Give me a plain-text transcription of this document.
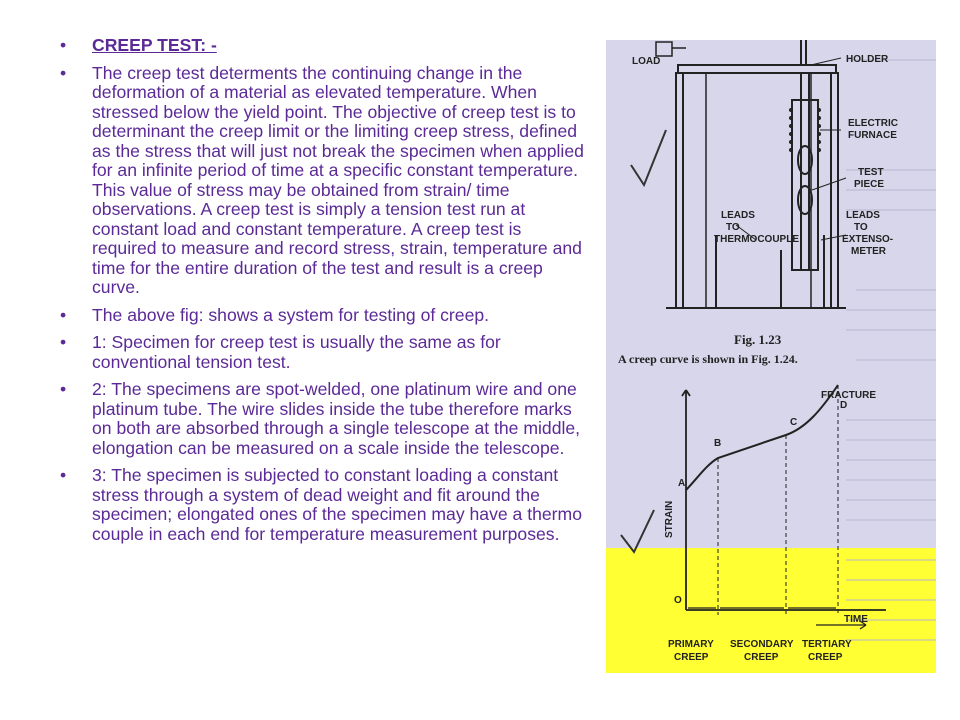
• CREEP TEST: -
• The creep test determents the continuing change in the deformation of a material as elevated temperature. When stressed below the yield point. The objective of creep test is to determinant the creep limit or the limiting creep stress, defined as the stress that will just not break the specimen when applied for an infinite period of time at a specific constant temperature. This value of stress may be obtained from strain/ time observations. A creep test is simply a tension test run at constant load and constant temperature. A creep test is required to measure and record stress, strain, temperature and time for the entire duration of the test and result is a creep curve.
• The above fig: shows a system for testing of creep.
• 1: Specimen for creep test is usually the same as for conventional tension test.
• 2: The specimens are spot-welded, one platinum wire and one platinum tube. The wire slides inside the tube therefore marks on both are absorbed through a single telescope at the middle, elongation can be measured on a scale inside the telescope.
• 3: The specimen is subjected to constant loading a constant stress through a system of dead weight and fit around the specimen; elongated ones of the specimen may have a thermo couple in each end for temperature measurement purposes.
LOAD	HOLDER
ELECTRIC
FURNACE
TEST
PIECE
LEADS
TO
THERMOCOUPLE
LEADS
TO
EXTENSO-
METER
Fig. 1.23
A creep curve is shown in Fig. 1.24.
FRACTURE
STRAIN
TIME
O
A
B
C
D
PRIMARY
CREEP
SECONDARY
CREEP
TERTIARY
CREEP
